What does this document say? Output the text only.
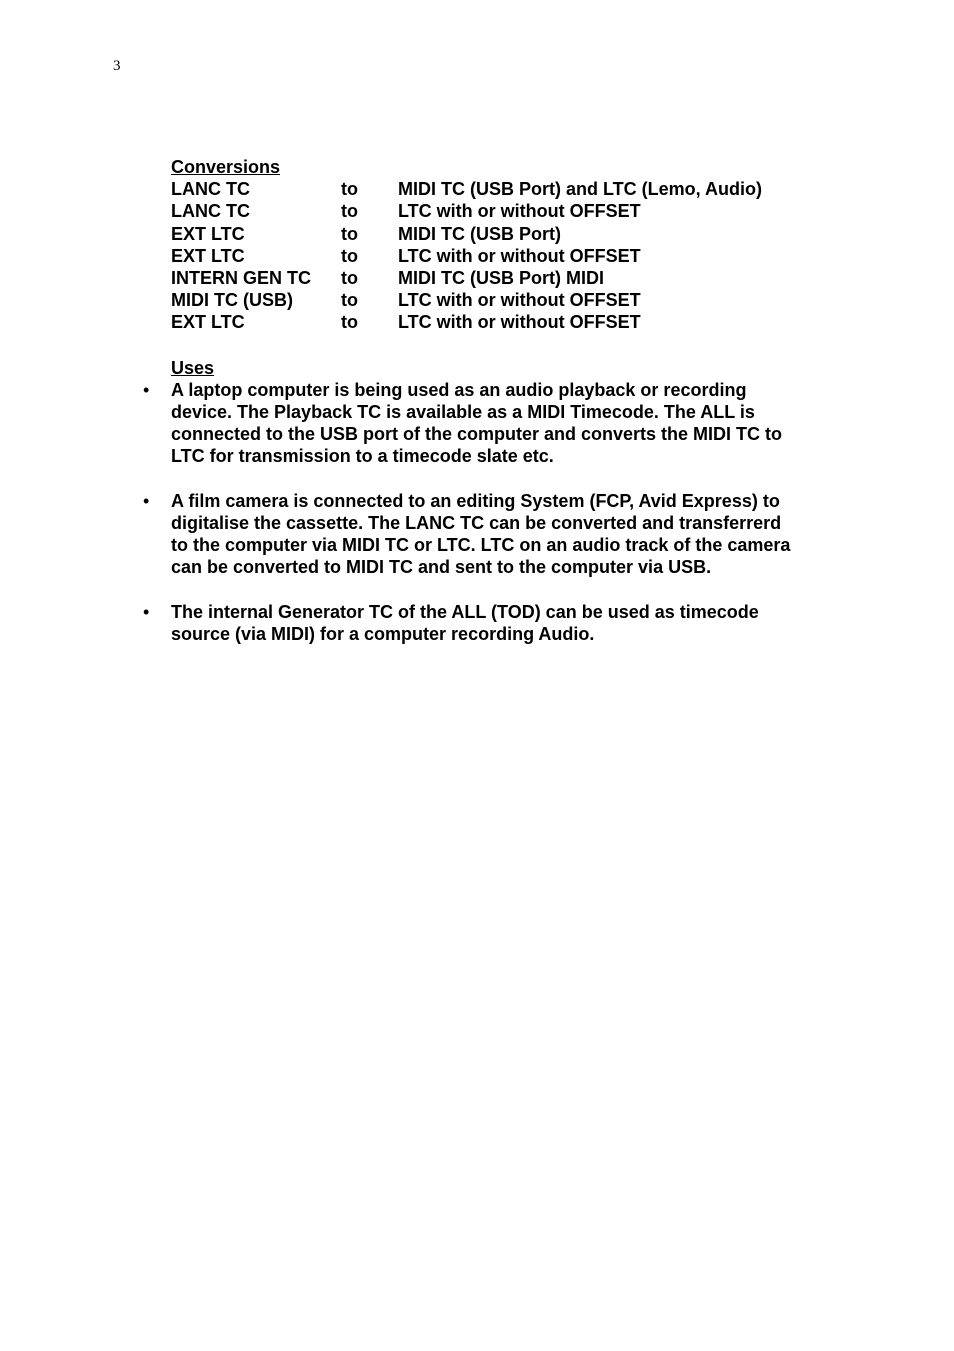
3
Conversions
LANC TC	to	MIDI TC (USB Port) and LTC (Lemo, Audio)
LANC TC	to	LTC with or without OFFSET
EXT LTC	to	MIDI TC (USB Port)
EXT LTC	to	LTC with or without OFFSET
INTERN GEN TC	to	MIDI TC (USB Port) MIDI
MIDI TC (USB)	to	LTC with or without OFFSET
EXT LTC	to	LTC with or without OFFSET
Uses
• A laptop computer is being used as an audio playback or recording
device. The Playback TC is available as a MIDI Timecode. The ALL is
connected to the USB port of the computer and converts the MIDI TC to
LTC for transmission to a timecode slate etc.
• A film camera is connected to an editing System (FCP, Avid Express) to
digitalise the cassette. The LANC TC can be converted and transferrerd
to the computer via MIDI TC or LTC. LTC on an audio track of the camera
can be converted to MIDI TC and sent to the computer via USB.
• The internal Generator TC of the ALL (TOD) can be used as timecode
source (via MIDI) for a computer recording Audio.
